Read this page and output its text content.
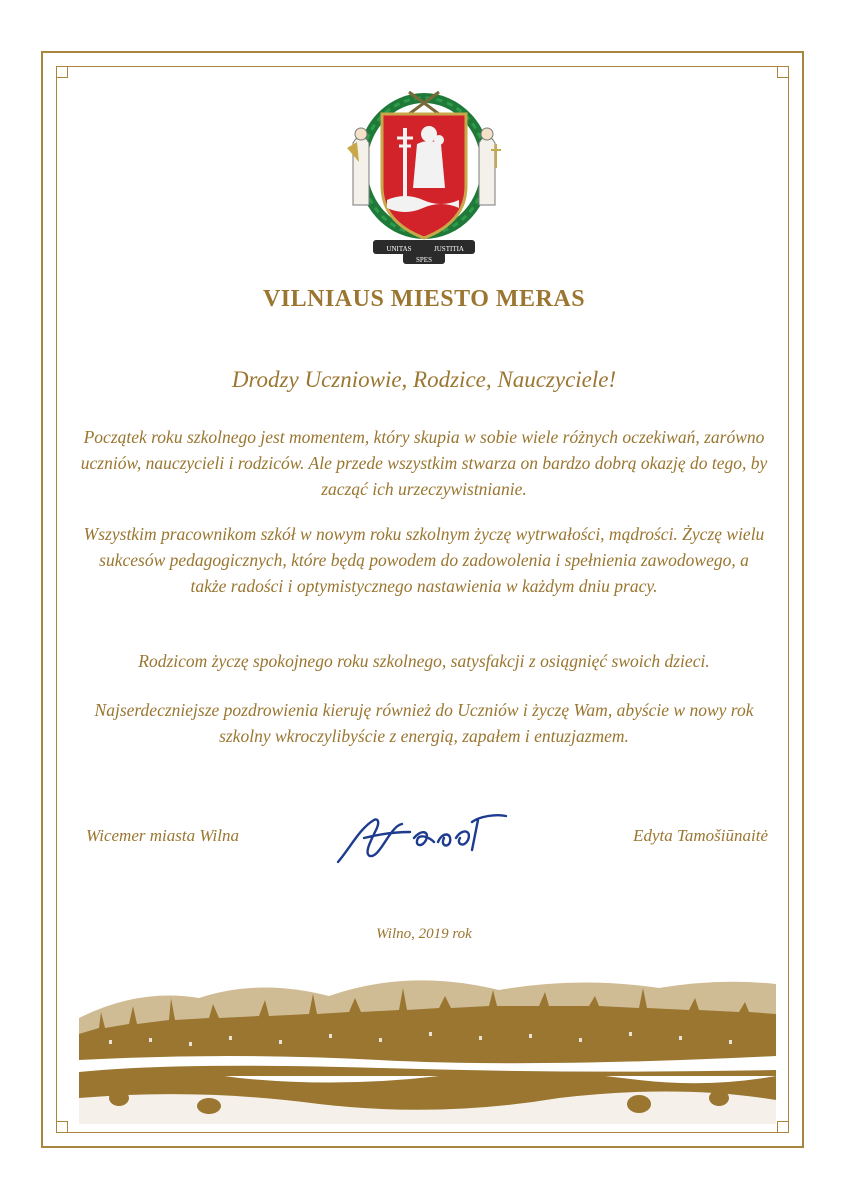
UNITAS	JUSTITIA
SPES
VILNIAUS MIESTO MERAS
Drodzy Uczniowie, Rodzice, Nauczyciele!

Początek roku szkolnego jest momentem, który skupia w sobie wiele różnych oczekiwań, zarówno uczniów, nauczycieli i rodziców. Ale przede wszystkim stwarza on bardzo dobrą okazję do tego, by zacząć ich urzeczywistnianie.

Wszystkim pracownikom szkół w nowym roku szkolnym życzę wytrwałości, mądrości. Życzę wielu sukcesów pedagogicznych, które będą powodem do zadowolenia i spełnienia zawodowego, a także radości i optymistycznego nastawienia w każdym dniu pracy.

Rodzicom życzę spokojnego roku szkolnego, satysfakcji z osiągnięć swoich dzieci.

Najserdeczniejsze pozdrowienia kieruję również do Uczniów i życzę Wam, abyście w nowy rok szkolny wkroczylibyście z energią, zapałem i entuzjazmem.

Wicemer miasta Wilna	Edyta Tamošiūnaitė
Wilno, 2019 rok
